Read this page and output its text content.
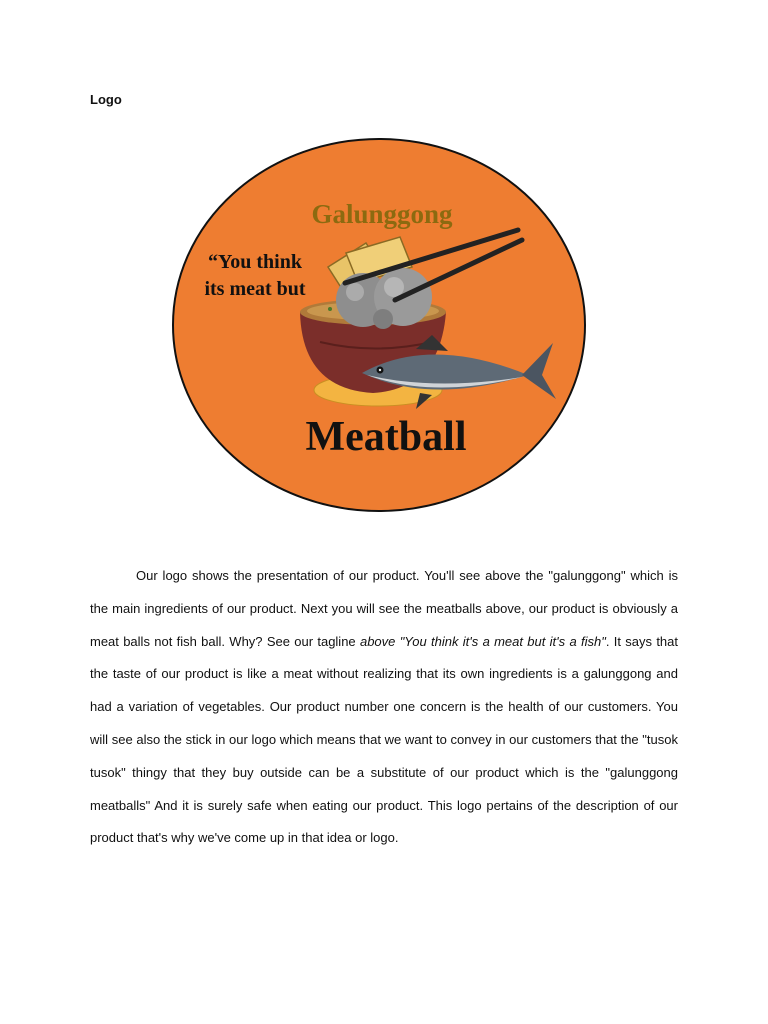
Logo
Galunggong
“You think
its meat but
Meatball

Our logo shows the presentation of our product. You'll see above the "galunggong" which is the main ingredients of our product. Next you will see the meatballs above, our product is obviously a meat balls not fish ball. Why? See our tagline above "You think it's a meat but it's a fish". It says that the taste of our product is like a meat without realizing that its own ingredients is a galunggong and had a variation of vegetables. Our product number one concern is the health of our customers. You will see also the stick in our logo which means that we want to convey in our customers that the "tusok tusok" thingy that they buy outside can be a substitute of our product which is the "galunggong meatballs" And it is surely safe when eating our product. This logo pertains of the description of our product that's why we've come up in that idea or logo.
